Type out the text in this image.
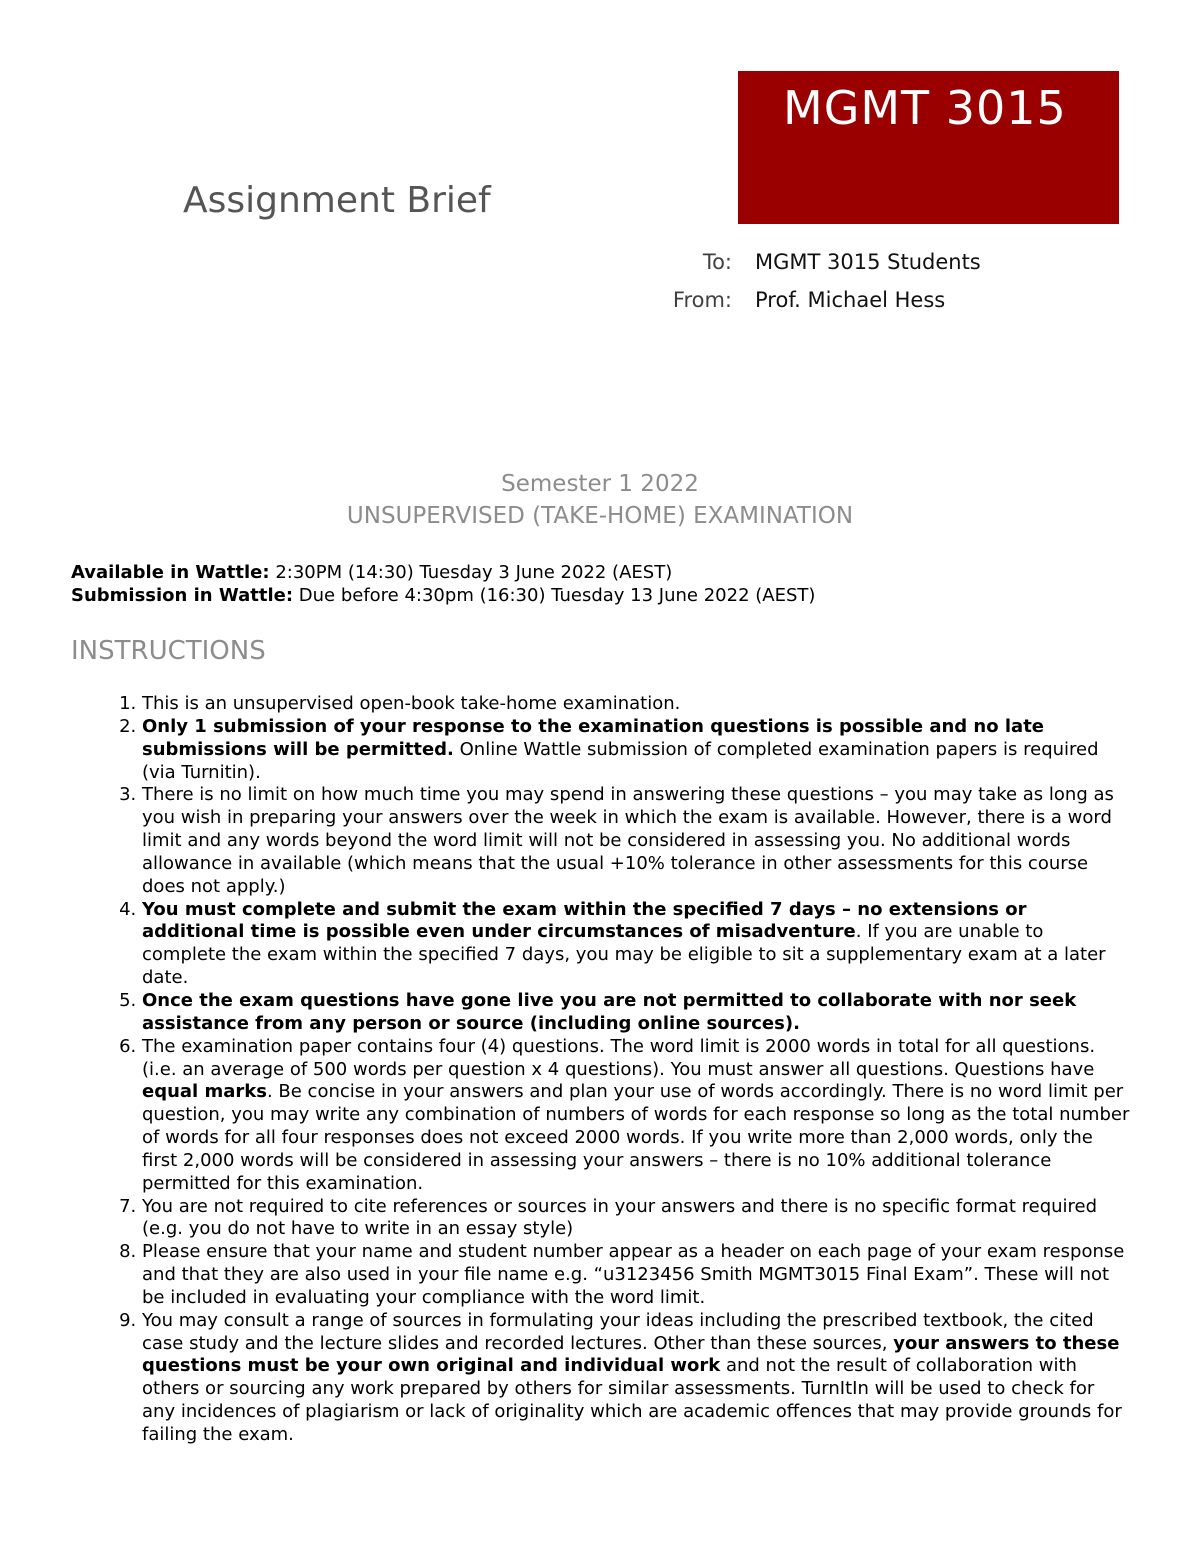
MGMT 3015
Assignment Brief
To: MGMT 3015 Students
From: Prof. Michael Hess
Semester 1 2022
UNSUPERVISED (TAKE-HOME) EXAMINATION
Available in Wattle: 2:30PM (14:30) Tuesday 3 June 2022 (AEST)
Submission in Wattle: Due before 4:30pm (16:30) Tuesday 13 June 2022 (AEST)
INSTRUCTIONS
1. This is an unsupervised open-book take-home examination.
2. Only 1 submission of your response to the examination questions is possible and no late submissions will be permitted. Online Wattle submission of completed examination papers is required (via Turnitin).
3. There is no limit on how much time you may spend in answering these questions – you may take as long as you wish in preparing your answers over the week in which the exam is available. However, there is a word limit and any words beyond the word limit will not be considered in assessing you. No additional words allowance in available (which means that the usual +10% tolerance in other assessments for this course does not apply.)
4. You must complete and submit the exam within the specified 7 days – no extensions or additional time is possible even under circumstances of misadventure. If you are unable to complete the exam within the specified 7 days, you may be eligible to sit a supplementary exam at a later date.
5. Once the exam questions have gone live you are not permitted to collaborate with nor seek assistance from any person or source (including online sources).
6. The examination paper contains four (4) questions. The word limit is 2000 words in total for all questions. (i.e. an average of 500 words per question x 4 questions). You must answer all questions. Questions have equal marks. Be concise in your answers and plan your use of words accordingly. There is no word limit per question, you may write any combination of numbers of words for each response so long as the total number of words for all four responses does not exceed 2000 words. If you write more than 2,000 words, only the first 2,000 words will be considered in assessing your answers – there is no 10% additional tolerance permitted for this examination.
7. You are not required to cite references or sources in your answers and there is no specific format required (e.g. you do not have to write in an essay style)
8. Please ensure that your name and student number appear as a header on each page of your exam response and that they are also used in your file name e.g. “u3123456 Smith MGMT3015 Final Exam”. These will not be included in evaluating your compliance with the word limit.
9. You may consult a range of sources in formulating your ideas including the prescribed textbook, the cited case study and the lecture slides and recorded lectures. Other than these sources, your answers to these questions must be your own original and individual work and not the result of collaboration with others or sourcing any work prepared by others for similar assessments. TurnItIn will be used to check for any incidences of plagiarism or lack of originality which are academic offences that may provide grounds for failing the exam.
